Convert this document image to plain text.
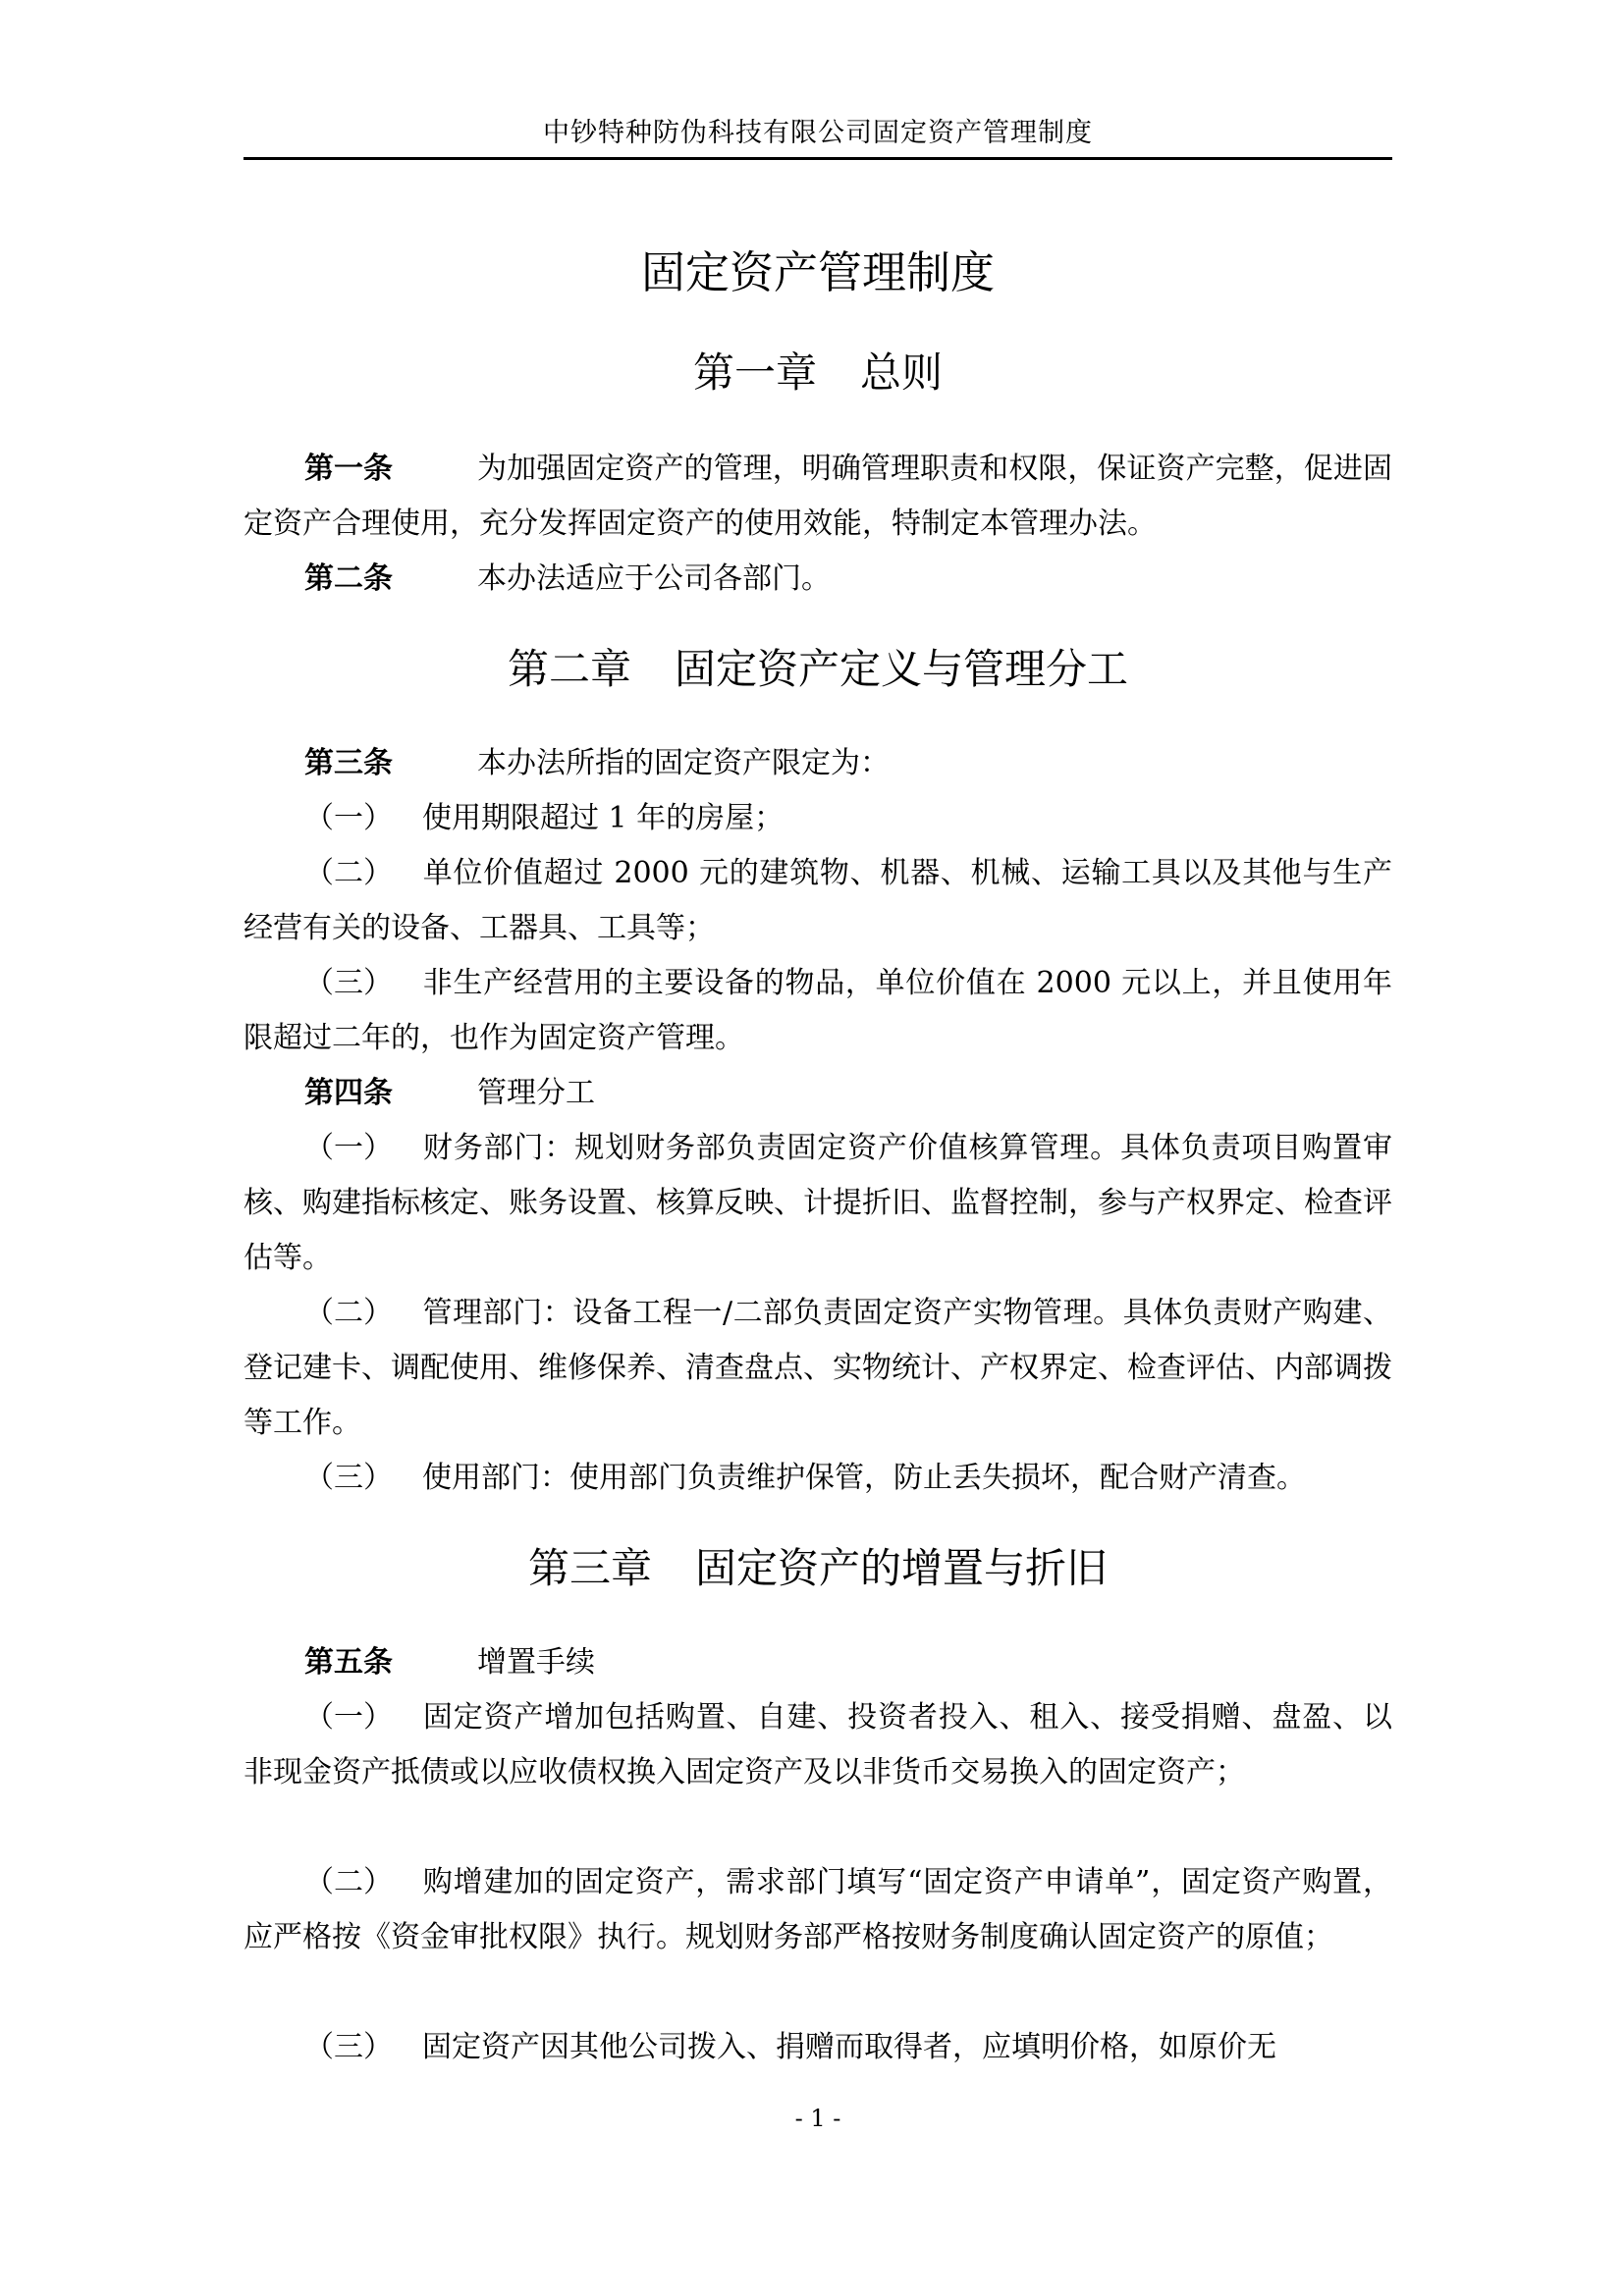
中钞特种防伪科技有限公司固定资产管理制度
固定资产管理制度
第一章 总则
第一条	为加强固定资产的管理，明确管理职责和权限，保证资产完整，促进固定资产合理使用，充分发挥固定资产的使用效能，特制定本管理办法。
第二条	本办法适应于公司各部门。
第二章 固定资产定义与管理分工
第三条	本办法所指的固定资产限定为：
（一） 使用期限超过 1 年的房屋；
（二） 单位价值超过 2000 元的建筑物、机器、机械、运输工具以及其他与生产经营有关的设备、工器具、工具等；
（三） 非生产经营用的主要设备的物品，单位价值在 2000 元以上，并且使用年限超过二年的，也作为固定资产管理。
第四条	管理分工
（一） 财务部门：规划财务部负责固定资产价值核算管理。具体负责项目购置审核、购建指标核定、账务设置、核算反映、计提折旧、监督控制，参与产权界定、检查评估等。
（二） 管理部门：设备工程一/二部负责固定资产实物管理。具体负责财产购建、登记建卡、调配使用、维修保养、清查盘点、实物统计、产权界定、检查评估、内部调拨等工作。
（三） 使用部门：使用部门负责维护保管，防止丢失损坏，配合财产清查。
第三章 固定资产的增置与折旧
第五条	增置手续
（一） 固定资产增加包括购置、自建、投资者投入、租入、接受捐赠、盘盈、以非现金资产抵债或以应收债权换入固定资产及以非货币交易换入的固定资产；
（二） 购增建加的固定资产，需求部门填写“固定资产申请单”，固定资产购置，应严格按《资金审批权限》执行。规划财务部严格按财务制度确认固定资产的原值；
（三） 固定资产因其他公司拨入、捐赠而取得者，应填明价格，如原价无
- 1 -
